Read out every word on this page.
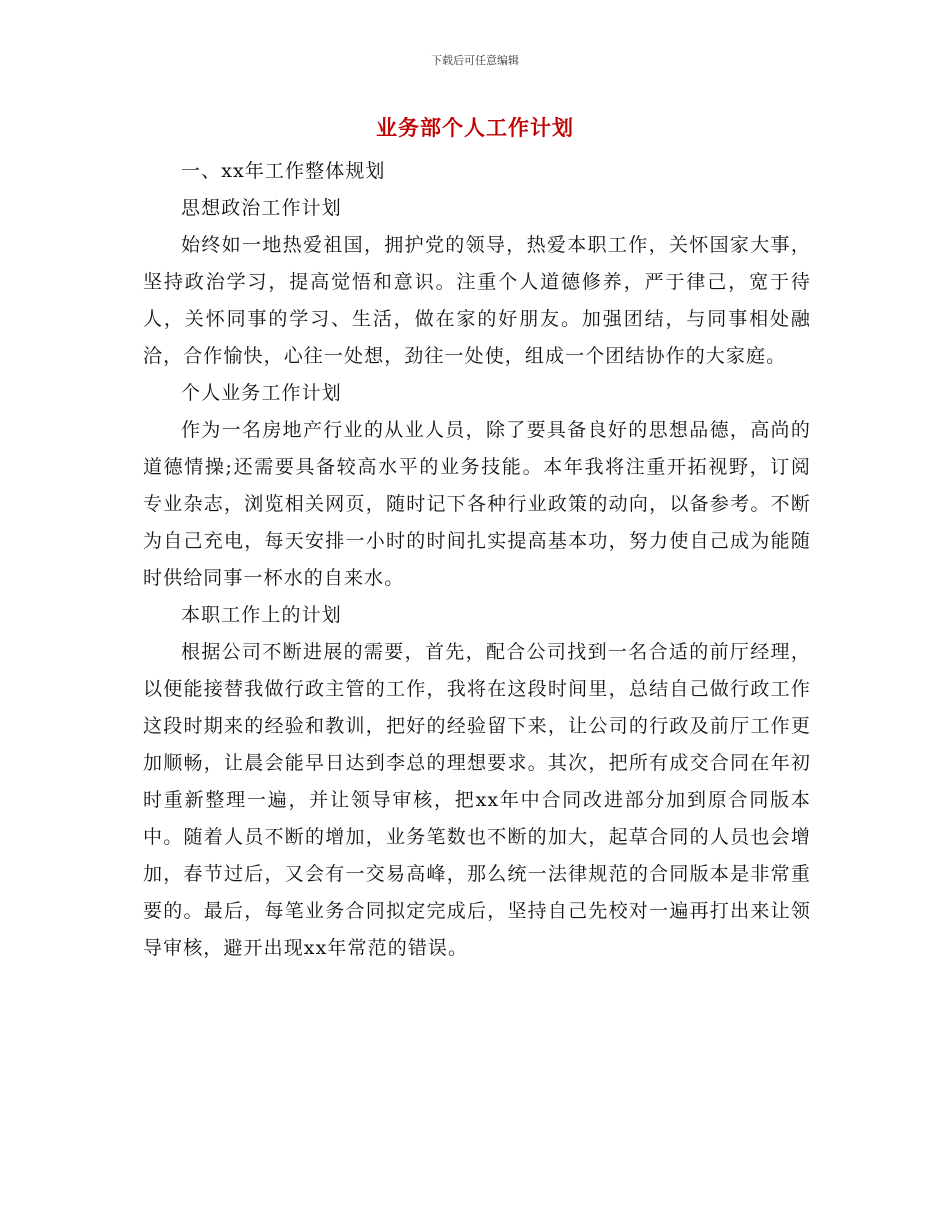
下载后可任意编辑
业务部个人工作计划

一、xx年工作整体规划

思想政治工作计划

始终如一地热爱祖国，拥护党的领导，热爱本职工作，关怀国家大事，坚持政治学习，提高觉悟和意识。注重个人道德修养，严于律己，宽于待人，关怀同事的学习、生活，做在家的好朋友。加强团结，与同事相处融洽，合作愉快，心往一处想，劲往一处使，组成一个团结协作的大家庭。

个人业务工作计划

作为一名房地产行业的从业人员，除了要具备良好的思想品德，高尚的道德情操;还需要具备较高水平的业务技能。本年我将注重开拓视野，订阅专业杂志，浏览相关网页，随时记下各种行业政策的动向，以备参考。不断为自己充电，每天安排一小时的时间扎实提高基本功，努力使自己成为能随时供给同事一杯水的自来水。

本职工作上的计划

根据公司不断进展的需要，首先，配合公司找到一名合适的前厅经理，以便能接替我做行政主管的工作，我将在这段时间里，总结自己做行政工作这段时期来的经验和教训，把好的经验留下来，让公司的行政及前厅工作更加顺畅，让晨会能早日达到李总的理想要求。其次，把所有成交合同在年初时重新整理一遍，并让领导审核，把xx年中合同改进部分加到原合同版本中。随着人员不断的增加，业务笔数也不断的加大，起草合同的人员也会增加，春节过后，又会有一交易高峰，那么统一法律规范的合同版本是非常重要的。最后，每笔业务合同拟定完成后，坚持自己先校对一遍再打出来让领导审核，避开出现xx年常范的错误。
